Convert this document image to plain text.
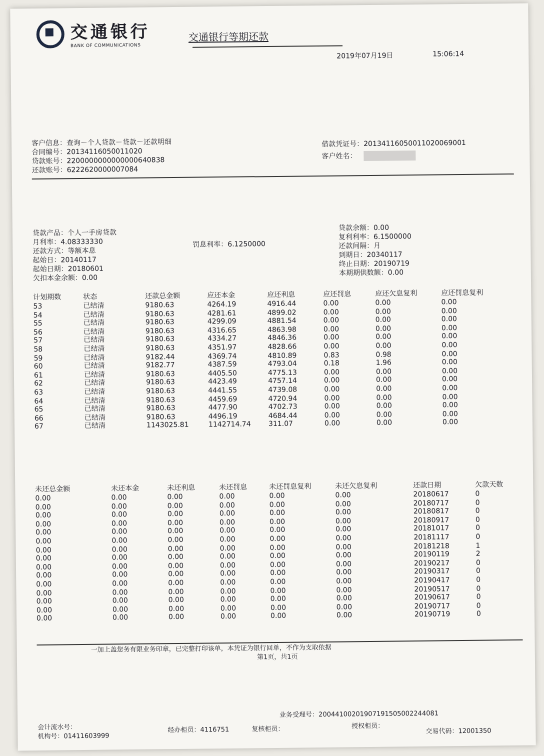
交通银行
BANK OF COMMUNICATIONS
交通银行等期还款
2019年07月19日	15:06:14
客户信息：查询－个人贷款－贷款－还款明细
合同编号：20134116050011020
贷款账号：2200000000000000640838
还款账号：6222620000007084
借款凭证号：20134116050011020069001
客户姓名：
贷款产品：个人一手房贷款
月利率：4.08333330
还款方式：等额本息
起始日：20140117
起始日期：20180601
欠扣本金余额：0.00
罚息利率：6.1250000
贷款余额：0.00
复利利率：6.1500000
还款间隔：月
到期日：20340117
终止日期：20190719
本期期供数额：0.00
计划期数	状态	还款总金额	应还本金	应还利息	应还罚息	应还欠息复利	应还罚息复利
53	已结清	9180.63	4264.19	4916.44	0.00	0.00	0.00
54	已结清	9180.63	4281.61	4899.02	0.00	0.00	0.00
55	已结清	9180.63	4299.09	4881.54	0.00	0.00	0.00
56	已结清	9180.63	4316.65	4863.98	0.00	0.00	0.00
57	已结清	9180.63	4334.27	4846.36	0.00	0.00	0.00
58	已结清	9180.63	4351.97	4828.66	0.00	0.00	0.00
59	已结清	9182.44	4369.74	4810.89	0.83	0.98	0.00
60	已结清	9182.77	4387.59	4793.04	0.18	1.96	0.00
61	已结清	9180.63	4405.50	4775.13	0.00	0.00	0.00
62	已结清	9180.63	4423.49	4757.14	0.00	0.00	0.00
63	已结清	9180.63	4441.55	4739.08	0.00	0.00	0.00
64	已结清	9180.63	4459.69	4720.94	0.00	0.00	0.00
65	已结清	9180.63	4477.90	4702.73	0.00	0.00	0.00
66	已结清	9180.63	4496.19	4684.44	0.00	0.00	0.00
67	已结清	1143025.81	1142714.74	311.07	0.00	0.00	0.00
未还总金额	未还本金	未还利息	未还罚息	未还罚息复利	未还欠息复利	还款日期	欠款天数
0.00	0.00	0.00	0.00	0.00	0.00	20180617	0
0.00	0.00	0.00	0.00	0.00	0.00	20180717	0
0.00	0.00	0.00	0.00	0.00	0.00	20180817	0
0.00	0.00	0.00	0.00	0.00	0.00	20180917	0
0.00	0.00	0.00	0.00	0.00	0.00	20181017	0
0.00	0.00	0.00	0.00	0.00	0.00	20181117	0
0.00	0.00	0.00	0.00	0.00	0.00	20181218	1
0.00	0.00	0.00	0.00	0.00	0.00	20190119	2
0.00	0.00	0.00	0.00	0.00	0.00	20190217	0
0.00	0.00	0.00	0.00	0.00	0.00	20190317	0
0.00	0.00	0.00	0.00	0.00	0.00	20190417	0
0.00	0.00	0.00	0.00	0.00	0.00	20190517	0
0.00	0.00	0.00	0.00	0.00	0.00	20190617	0
0.00	0.00	0.00	0.00	0.00	0.00	20190717	0
0.00	0.00	0.00	0.00	0.00	0.00	20190719	0
一加上盖您务有限业务印章，已完整打印该单，本凭证为银行回单，不作为支取依据
第1页，共1页
业务受理号：20044100201907191505002244081
会计流水号：
机构号：01411603999
经办柜员：4116751	复核柜员：	授权柜员：
交易代码：12001350
